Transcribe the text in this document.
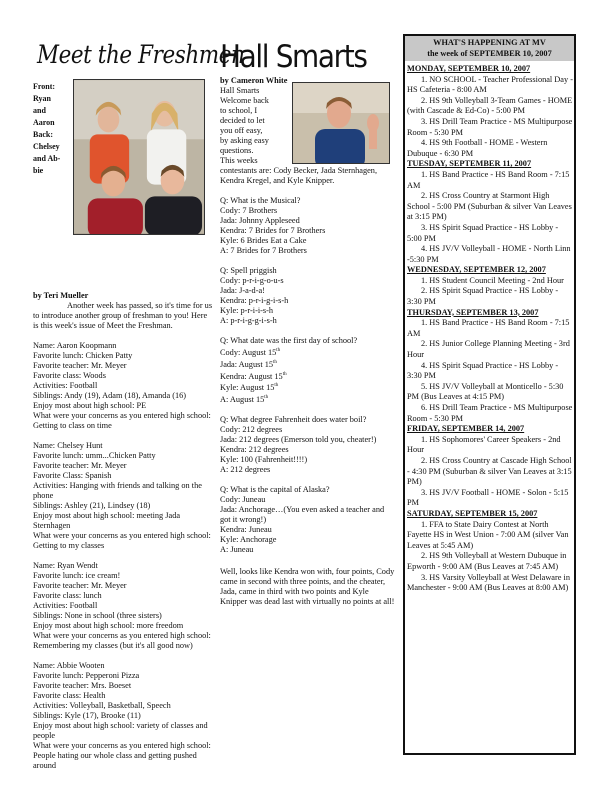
Meet the Freshmen
Front:
Ryan
and
Aaron
Back:
Chelsey
and Ab-
bie
by Teri Mueller
Another week has passed, so it's time for us to introduce another group of freshman to you! Here is this week's issue of Meet the Freshman.
Name: Aaron Koopmann
Favorite lunch: Chicken Patty
Favorite teacher: Mr. Meyer
Favorite class: Woods
Activities: Football
Siblings: Andy (19), Adam (18), Amanda (16)
Enjoy most about high school: PE
What were your concerns as you entered high school: Getting to class on time
Name: Chelsey Hunt
Favorite lunch: umm...Chicken Patty
Favorite teacher: Mr. Meyer
Favorite Class: Spanish
Activities: Hanging with friends and talking on the phone
Siblings: Ashley (21), Lindsey (18)
Enjoy most about high school: meeting Jada Sternhagen
What were your concerns as you entered high school: Getting to my classes
Name: Ryan Wendt
Favorite lunch: ice cream!
Favorite teacher: Mr. Meyer
Favorite class: lunch
Activities: Football
Siblings: None in school (three sisters)
Enjoy most about high school: more freedom
What were your concerns as you entered high school: Remembering my classes (but it's all good now)
Name: Abbie Wooten
Favorite lunch: Pepperoni Pizza
Favorite teacher: Mrs. Boeset
Favorite class: Health
Activities: Volleyball, Basketball, Speech
Siblings: Kyle (17), Brooke (11)
Enjoy most about high school: variety of classes and people
What were your concerns as you entered high school: People hating our whole class and getting pushed around
Hall Smarts
by Cameron White
Hall Smarts
Welcome back
to school, I
decided to let
you off easy,
by asking easy
questions.
This weeks
contestants are: Cody Becker, Jada Sternhagen, Kendra Kregel, and Kyle Knipper.
Q: What is the Musical?
Cody: 7 Brothers
Jada: Johnny Appleseed
Kendra: 7 Brides for 7 Brothers
Kyle: 6 Brides Eat a Cake
A: 7 Brides for 7 Brothers
Q: Spell priggish
Cody: p-r-i-g-o-u-s
Jada: J-a-d-a!
Kendra: p-r-i-g-i-s-h
Kyle: p-r-i-i-s-h
A: p-r-i-g-g-i-s-h
Q: What date was the first day of school?
Cody: August 15th
Jada: August 15th
Kendra: August 15th
Kyle: August 15th
A: August 15th
Q: What degree Fahrenheit does water boil?
Cody: 212 degrees
Jada: 212 degrees (Emerson told you, cheater!)
Kendra: 212 degrees
Kyle: 100 (Fahrenheit!!!!)
A: 212 degrees
Q: What is the capital of Alaska?
Cody: Juneau
Jada: Anchorage…(You even asked a teacher and got it wrong!)
Kendra: Juneau
Kyle: Anchorage
A: Juneau
Well, looks like Kendra won with, four points, Cody came in second with three points, and the cheater, Jada, came in third with two points and Kyle Knipper was dead last with virtually no points at all!
WHAT'S HAPPENING AT MV
the week of SEPTEMBER 10, 2007
MONDAY, SEPTEMBER 10, 2007
1. NO SCHOOL - Teacher Professional Day - HS Cafeteria - 8:00 AM
2. HS 9th Volleyball 3-Team Games - HOME (with Cascade & Ed-Co) - 5:00 PM
3. HS Drill Team Practice - MS Multipurpose Room - 5:30 PM
4. HS 9th Football - HOME - Western Dubuque - 6:30 PM
TUESDAY, SEPTEMBER 11, 2007
1. HS Band Practice - HS Band Room - 7:15 AM
2. HS Cross Country at Starmont High School - 5:00 PM (Suburban & silver Van Leaves at 3:15 PM)
3. HS Spirit Squad Practice - HS Lobby - 5:00 PM
4. HS JV/V Volleyball - HOME - North Linn -5:30 PM
WEDNESDAY, SEPTEMBER 12, 2007
1. HS Student Council Meeting - 2nd Hour
2. HS Spirit Squad Practice - HS Lobby - 3:30 PM
THURSDAY, SEPTEMBER 13, 2007
1. HS Band Practice - HS Band Room - 7:15 AM
2. HS Junior College Planning Meeting - 3rd Hour
4. HS Spirit Squad Practice - HS Lobby - 3:30 PM
5. HS JV/V Volleyball at Monticello - 5:30 PM (Bus Leaves at 4:15 PM)
6. HS Drill Team Practice - MS Multipurpose Room - 5:30 PM
FRIDAY, SEPTEMBER 14, 2007
1. HS Sophomores' Career Speakers - 2nd Hour
2. HS Cross Country at Cascade High School - 4:30 PM (Suburban & silver Van Leaves at 3:15 PM)
3. HS JV/V Football - HOME - Solon - 5:15 PM
SATURDAY, SEPTEMBER 15, 2007
1. FFA to State Dairy Contest at North Fayette HS in West Union - 7:00 AM (silver Van Leaves at 5:45 AM)
2. HS 9th Volleyball at Western Dubuque in Epworth - 9:00 AM (Bus Leaves at 7:45 AM)
3. HS Varsity Volleyball at West Delaware in Manchester - 9:00 AM (Bus Leaves at 8:00 AM)
